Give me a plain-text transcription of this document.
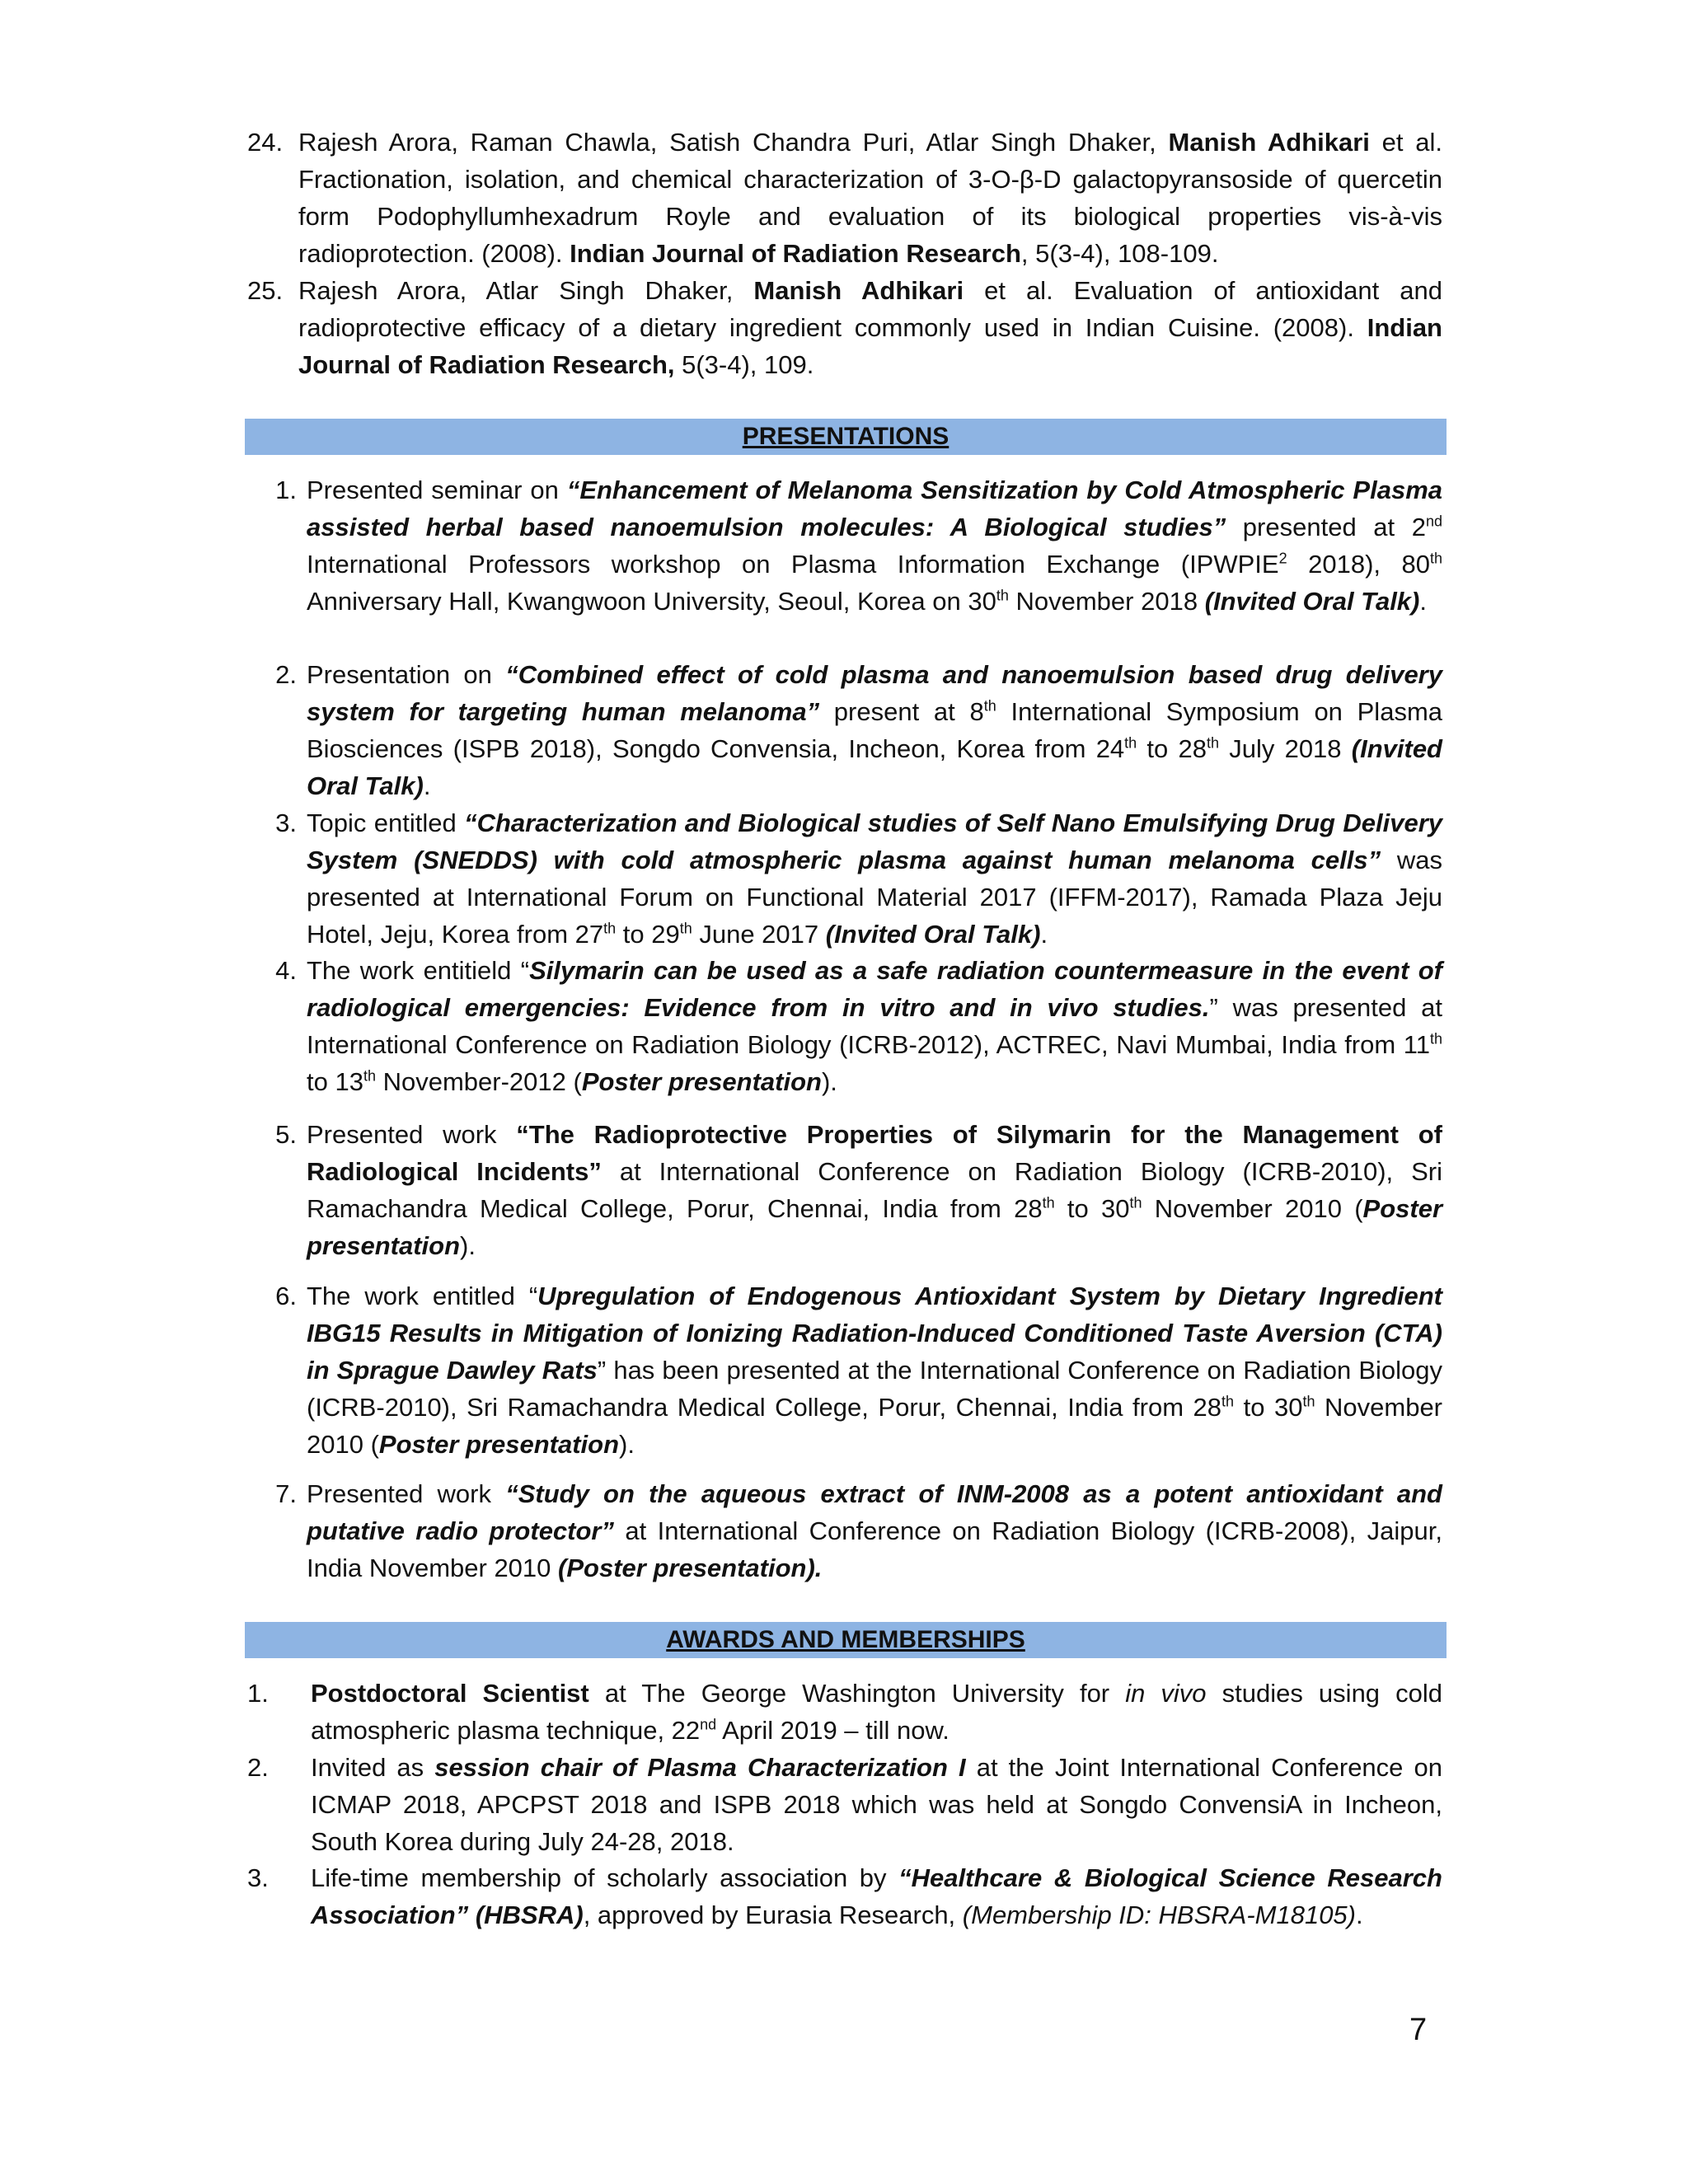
24. Rajesh Arora, Raman Chawla, Satish Chandra Puri, Atlar Singh Dhaker, Manish Adhikari et al. Fractionation, isolation, and chemical characterization of 3-O-β-D galactopyransoside of quercetin form Podophyllumhexadrum Royle and evaluation of its biological properties vis-à-vis radioprotection. (2008). Indian Journal of Radiation Research, 5(3-4), 108-109.
25. Rajesh Arora, Atlar Singh Dhaker, Manish Adhikari et al. Evaluation of antioxidant and radioprotective efficacy of a dietary ingredient commonly used in Indian Cuisine. (2008). Indian Journal of Radiation Research, 5(3-4), 109.
PRESENTATIONS
1. Presented seminar on “Enhancement of Melanoma Sensitization by Cold Atmospheric Plasma assisted herbal based nanoemulsion molecules: A Biological studies” presented at 2nd International Professors workshop on Plasma Information Exchange (IPWPIE$^2$ 2018), 80th Anniversary Hall, Kwangwoon University, Seoul, Korea on 30th November 2018 (Invited Oral Talk).
2. Presentation on “Combined effect of cold plasma and nanoemulsion based drug delivery system for targeting human melanoma” present at 8th International Symposium on Plasma Biosciences (ISPB 2018), Songdo Convensia, Incheon, Korea from 24th to 28th July 2018 (Invited Oral Talk).
3. Topic entitled “Characterization and Biological studies of Self Nano Emulsifying Drug Delivery System (SNEDDS) with cold atmospheric plasma against human melanoma cells” was presented at International Forum on Functional Material 2017 (IFFM-2017), Ramada Plaza Jeju Hotel, Jeju, Korea from 27th to 29th June 2017 (Invited Oral Talk).
4. The work entitield “Silymarin can be used as a safe radiation countermeasure in the event of radiological emergencies: Evidence from in vitro and in vivo studies.” was presented at International Conference on Radiation Biology (ICRB-2012), ACTREC, Navi Mumbai, India from 11th to 13th November-2012 (Poster presentation).
5. Presented work “The Radioprotective Properties of Silymarin for the Management of Radiological Incidents” at International Conference on Radiation Biology (ICRB-2010), Sri Ramachandra Medical College, Porur, Chennai, India from 28th to 30th November 2010 (Poster presentation).
6. The work entitled “Upregulation of Endogenous Antioxidant System by Dietary Ingredient IBG15 Results in Mitigation of Ionizing Radiation-Induced Conditioned Taste Aversion (CTA) in Sprague Dawley Rats” has been presented at the International Conference on Radiation Biology (ICRB-2010), Sri Ramachandra Medical College, Porur, Chennai, India from 28th to 30th November 2010 (Poster presentation).
7. Presented work “Study on the aqueous extract of INM-2008 as a potent antioxidant and putative radio protector” at International Conference on Radiation Biology (ICRB-2008), Jaipur, India November 2010 (Poster presentation).
AWARDS AND MEMBERSHIPS
1.	Postdoctoral Scientist at The George Washington University for in vivo studies using cold atmospheric plasma technique, 22nd April 2019 – till now.
2.	Invited as session chair of Plasma Characterization I at the Joint International Conference on ICMAP 2018, APCPST 2018 and ISPB 2018 which was held at Songdo ConvensiA in Incheon, South Korea during July 24-28, 2018.
3.	Life-time membership of scholarly association by “Healthcare & Biological Science Research Association” (HBSRA), approved by Eurasia Research, (Membership ID: HBSRA-M18105).
7
